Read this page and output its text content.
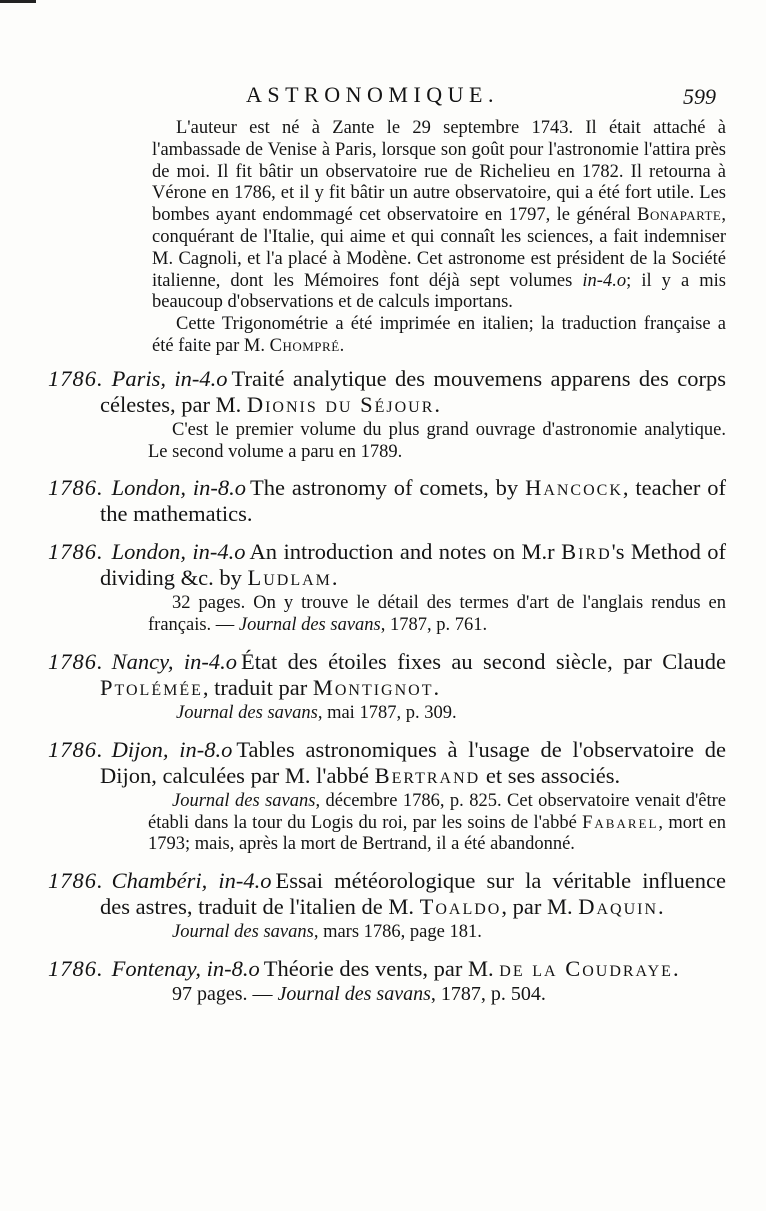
ASTRONOMIQUE.	599

L'auteur est né à Zante le 29 septembre 1743. Il était attaché à l'ambassade de Venise à Paris, lorsque son goût pour l'astronomie l'attira près de moi. Il fit bâtir un observatoire rue de Richelieu en 1782. Il retourna à Vérone en 1786, et il y fit bâtir un autre observatoire, qui a été fort utile. Les bombes ayant endommagé cet observatoire en 1797, le général Bonaparte, conquérant de l'Italie, qui aime et qui connaît les sciences, a fait indemniser M. Cagnoli, et l'a placé à Modène. Cet astronome est président de la Société italienne, dont les Mémoires font déjà sept volumes in-4.o; il y a mis beaucoup d'observations et de calculs importans.

Cette Trigonométrie a été imprimée en italien; la traduction française a été faite par M. Chompré.

1786. Paris, in-4.o Traité analytique des mouvemens apparens des corps célestes, par M. Dionis du Séjour.
C'est le premier volume du plus grand ouvrage d'astronomie analytique. Le second volume a paru en 1789.
1786. London, in-8.o The astronomy of comets, by Hancock, teacher of the mathematics.
1786. London, in-4.o An introduction and notes on M.r Bird's Method of dividing &c. by Ludlam.
32 pages. On y trouve le détail des termes d'art de l'anglais rendus en français. — Journal des savans, 1787, p. 761.
1786. Nancy, in-4.o État des étoiles fixes au second siècle, par Claude Ptolémée, traduit par Montignot.
Journal des savans, mai 1787, p. 309.
1786. Dijon, in-8.o Tables astronomiques à l'usage de l'observatoire de Dijon, calculées par M. l'abbé Bertrand et ses associés.
Journal des savans, décembre 1786, p. 825. Cet observatoire venait d'être établi dans la tour du Logis du roi, par les soins de l'abbé Fabarel, mort en 1793; mais, après la mort de Bertrand, il a été abandonné.
1786. Chambéri, in-4.o Essai météorologique sur la véritable influence des astres, traduit de l'italien de M. Toaldo, par M. Daquin.
Journal des savans, mars 1786, page 181.
1786. Fontenay, in-8.o Théorie des vents, par M. de la Coudraye.
97 pages. — Journal des savans, 1787, p. 504.
